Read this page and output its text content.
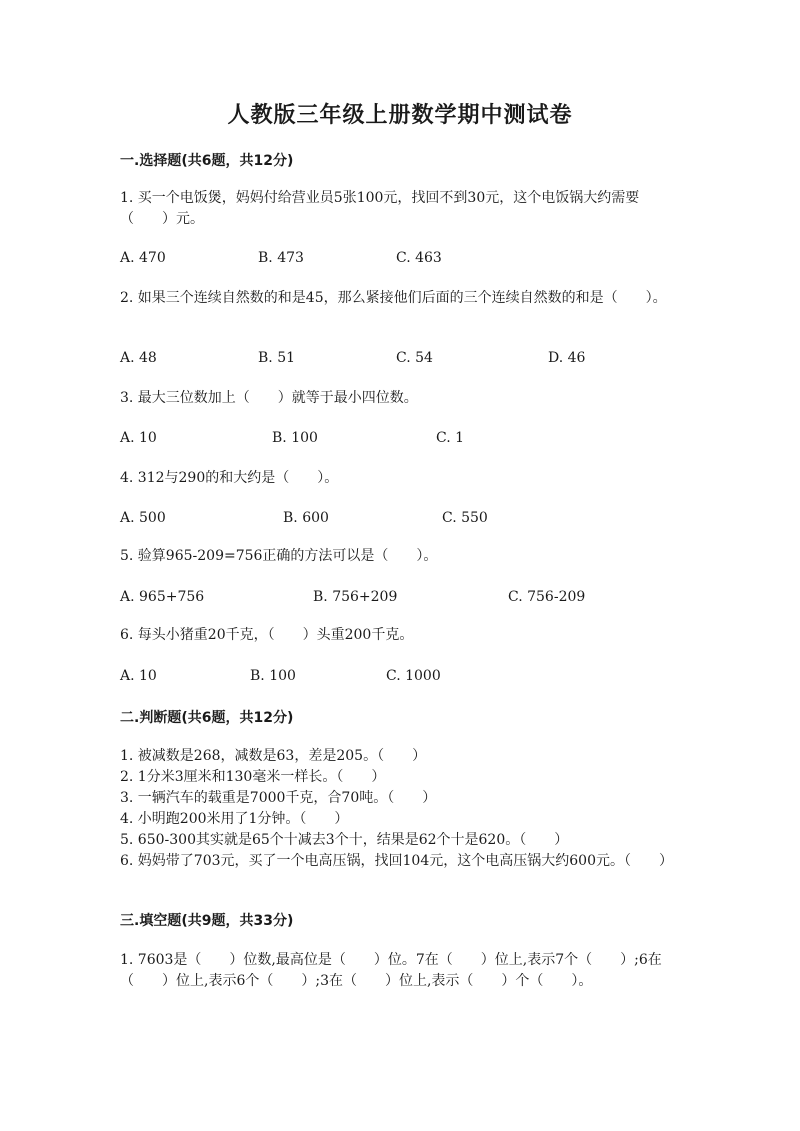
人教版三年级上册数学期中测试卷
一.选择题(共6题，共12分)
1. 买一个电饭煲，妈妈付给营业员5张100元，找回不到30元，这个电饭锅大约需要（　　）元。
A. 470	B. 473	C. 463
2. 如果三个连续自然数的和是45，那么紧接他们后面的三个连续自然数的和是（　　）。
A. 48	B. 51	C. 54	D. 46
3. 最大三位数加上（　　）就等于最小四位数。
A. 10	B. 100	C. 1
4. 312与290的和大约是（　　）。
A. 500	B. 600	C. 550
5. 验算965-209=756正确的方法可以是（　　）。
A. 965+756	B. 756+209	C. 756-209
6. 每头小猪重20千克，（　　）头重200千克。
A. 10	B. 100	C. 1000
二.判断题(共6题，共12分)
1. 被减数是268，减数是63，差是205。（　　）
2. 1分米3厘米和130毫米一样长。（　　）
3. 一辆汽车的载重是7000千克，合70吨。（　　）
4. 小明跑200米用了1分钟。（　　）
5. 650-300其实就是65个十减去3个十，结果是62个十是620。（　　）
6. 妈妈带了703元，买了一个电高压锅，找回104元，这个电高压锅大约600元。（　　）
三.填空题(共9题，共33分)
1. 7603是（　　）位数,最高位是（　　）位。7在（　　）位上,表示7个（　　）;6在（　　）位上,表示6个（　　）;3在（　　）位上,表示（　　）个（　　）。
